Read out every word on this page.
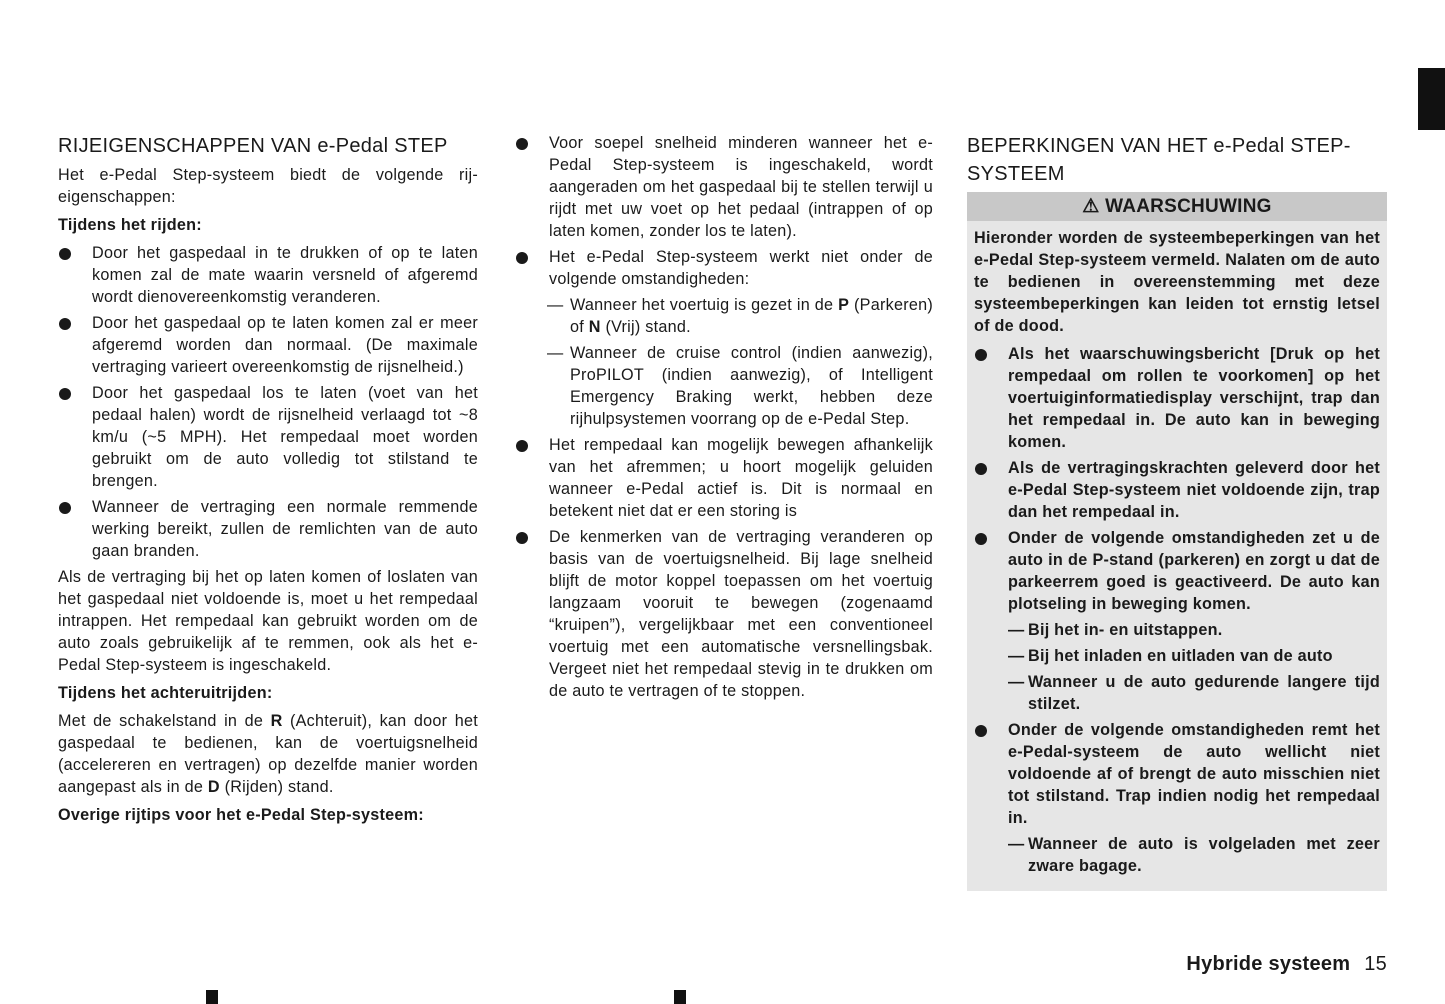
RIJEIGENSCHAPPEN VAN e-Pedal STEP

Het e-Pedal Step-systeem biedt de volgende rij-eigenschappen:

Tijdens het rijden:

Door het gaspedaal in te drukken of op te laten komen zal de mate waarin versneld of afgeremd wordt dienovereenkomstig veranderen.
Door het gaspedaal op te laten komen zal er meer afgeremd worden dan normaal. (De maximale vertraging varieert overeenkomstig de rijsnelheid.)
Door het gaspedaal los te laten (voet van het pedaal halen) wordt de rijsnelheid verlaagd tot ~8 km/u (~5 MPH). Het rempedaal moet worden gebruikt om de auto volledig tot stilstand te brengen.
Wanneer de vertraging een normale remmende werking bereikt, zullen de remlichten van de auto gaan branden.

Als de vertraging bij het op laten komen of loslaten van het gaspedaal niet voldoende is, moet u het rempedaal intrappen. Het rempedaal kan gebruikt worden om de auto zoals gebruikelijk af te remmen, ook als het e-Pedal Step-systeem is ingeschakeld.

Tijdens het achteruitrijden:

Met de schakelstand in de R (Achteruit), kan door het gaspedaal te bedienen, kan de voertuigsnelheid (accelereren en vertragen) op dezelfde manier worden aangepast als in de D (Rijden) stand.

Overige rijtips voor het e-Pedal Step-systeem:

Voor soepel snelheid minderen wanneer het e-Pedal Step-systeem is ingeschakeld, wordt aangeraden om het gaspedaal bij te stellen terwijl u rijdt met uw voet op het pedaal (intrappen of op laten komen, zonder los te laten).
Het e-Pedal Step-systeem werkt niet onder de volgende omstandigheden:
— Wanneer het voertuig is gezet in de P (Parkeren) of N (Vrij) stand.
— Wanneer de cruise control (indien aanwezig), ProPILOT (indien aanwezig), of Intelligent Emergency Braking werkt, hebben deze rijhulpsystemen voorrang op de e-Pedal Step.
Het rempedaal kan mogelijk bewegen afhankelijk van het afremmen; u hoort mogelijk geluiden wanneer e-Pedal actief is. Dit is normaal en betekent niet dat er een storing is
De kenmerken van de vertraging veranderen op basis van de voertuigsnelheid. Bij lage snelheid blijft de motor koppel toepassen om het voertuig langzaam vooruit te bewegen (zogenaamd “kruipen”), vergelijkbaar met een conventioneel voertuig met een automatische versnellingsbak. Vergeet niet het rempedaal stevig in te drukken om de auto te vertragen of te stoppen.
BEPERKINGEN VAN HET e-Pedal STEP-SYSTEEM
⚠ WAARSCHUWING

Hieronder worden de systeembeperkingen van het e-Pedal Step-systeem vermeld. Nalaten om de auto te bedienen in overeenstemming met deze systeembeperkingen kan leiden tot ernstig letsel of de dood.

Als het waarschuwingsbericht [Druk op het rempedaal om rollen te voorkomen] op het voertuiginformatiedisplay verschijnt, trap dan het rempedaal in. De auto kan in beweging komen.
Als de vertragingskrachten geleverd door het e-Pedal Step-systeem niet voldoende zijn, trap dan het rempedaal in.
Onder de volgende omstandigheden zet u de auto in de P-stand (parkeren) en zorgt u dat de parkeerrem goed is geactiveerd. De auto kan plotseling in beweging komen.
— Bij het in- en uitstappen.
— Bij het inladen en uitladen van de auto
— Wanneer u de auto gedurende langere tijd stilzet.
Onder de volgende omstandigheden remt het e-Pedal-systeem de auto wellicht niet voldoende af of brengt de auto misschien niet tot stilstand. Trap indien nodig het rempedaal in.
— Wanneer de auto is volgeladen met zeer zware bagage.
Hybride systeem 15
